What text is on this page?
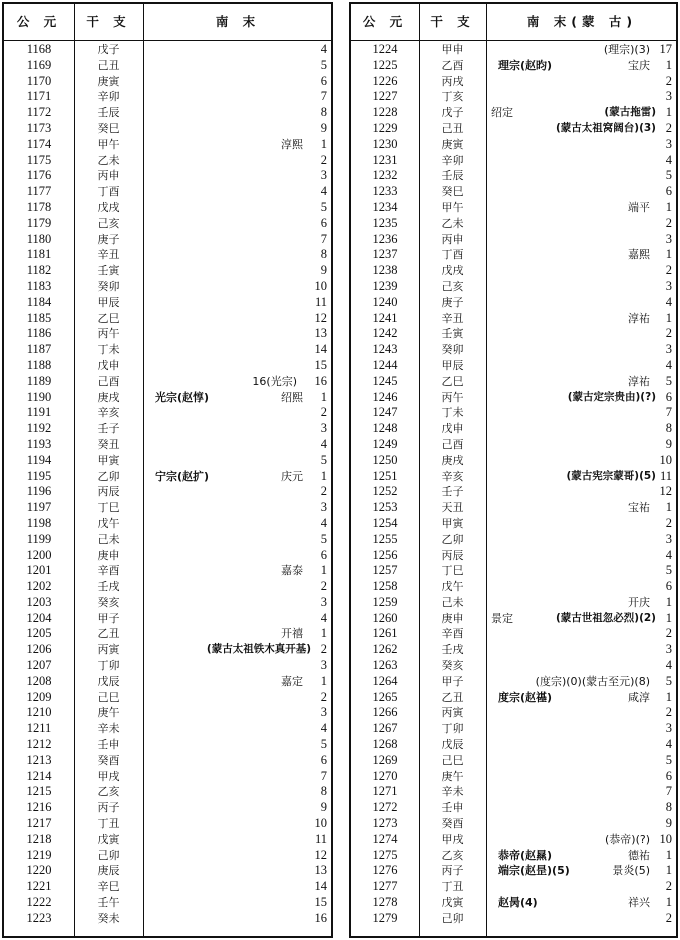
公 元	干 支	南 末
1168	戊子	4
1169	己丑	5
1170	庚寅	6
1171	辛卯	7
1172	壬辰	8
1173	癸巳	9
1174	甲午	淳熙	1
1175	乙未	2
1176	丙申	3
1177	丁酉	4
1178	戊戌	5
1179	己亥	6
1180	庚子	7
1181	辛丑	8
1182	壬寅	9
1183	癸卯	10
1184	甲辰	11
1185	乙巳	12
1186	丙午	13
1187	丁未	14
1188	戊申	15
1189	己酉	16(光宗)	16
1190	庚戌	光宗(赵惇)	绍熙	1
1191	辛亥	2
1192	壬子	3
1193	癸丑	4
1194	甲寅	5
1195	乙卯	宁宗(赵扩)	庆元	1
1196	丙辰	2
1197	丁巳	3
1198	戊午	4
1199	己未	5
1200	庚申	6
1201	辛酉	嘉泰	1
1202	壬戌	2
1203	癸亥	3
1204	甲子	4
1205	乙丑	开禧	1
1206	丙寅	(蒙古太祖铁木真开基) 2
1207	丁卯	3
1208	戊辰	嘉定	1
1209	己巳	2
1210	庚午	3
1211	辛未	4
1212	壬申	5
1213	癸酉	6
1214	甲戌	7
1215	乙亥	8
1216	丙子	9
1217	丁丑	10
1218	戊寅	11
1219	己卯	12
1220	庚辰	13
1221	辛巳	14
1222	壬午	15
1223	癸未	16
公 元	干 支	南 末(蒙 古)
1224	甲申	(理宗)(3) 17
1225	乙酉	理宗(赵昀)	宝庆	1
1226	丙戌	2
1227	丁亥	3
1228	戊子	绍定	(蒙古拖雷) 1
1229	己丑	(蒙古太祖窝阔台)(3) 2
1230	庚寅	3
1231	辛卯	4
1232	壬辰	5
1233	癸巳	6
1234	甲午	端平	1
1235	乙未	2
1236	丙申	3
1237	丁酉	嘉熙	1
1238	戊戌	2
1239	己亥	3
1240	庚子	4
1241	辛丑	淳祐	1
1242	壬寅	2
1243	癸卯	3
1244	甲辰	4
1245	乙巳	淳祐	5
1246	丙午	(蒙古定宗贵由)(?) 6
1247	丁未	7
1248	戊申	8
1249	己酉	9
1250	庚戌	10
1251	辛亥	(蒙古宪宗蒙哥)(5) 11
1252	壬子	12
1253	天丑	宝祐	1
1254	甲寅	2
1255	乙卯	3
1256	丙辰	4
1257	丁巳	5
1258	戊午	6
1259	己未	开庆	1
1260	庚申	景定	(蒙古世祖忽必烈)(2) 1
1261	辛酉	2
1262	壬戌	3
1263	癸亥	4
1264	甲子	(度宗)(0)(蒙古至元)(8)	5
1265	乙丑	度宗(赵禥)	咸淳	1
1266	丙寅	2
1267	丁卯	3
1268	戊辰	4
1269	己巳	5
1270	庚午	6
1271	辛未	7
1272	壬申	8
1273	癸酉	9
1274	甲戌	(恭帝)(?) 10
1275	乙亥	恭帝(赵㬎)	德祐	1
1276	丙子	端宗(赵昰)(5)	景炎(5)	1
1277	丁丑	2
1278	戊寅	赵昺(4)	祥兴	1
1279	己卯	2
